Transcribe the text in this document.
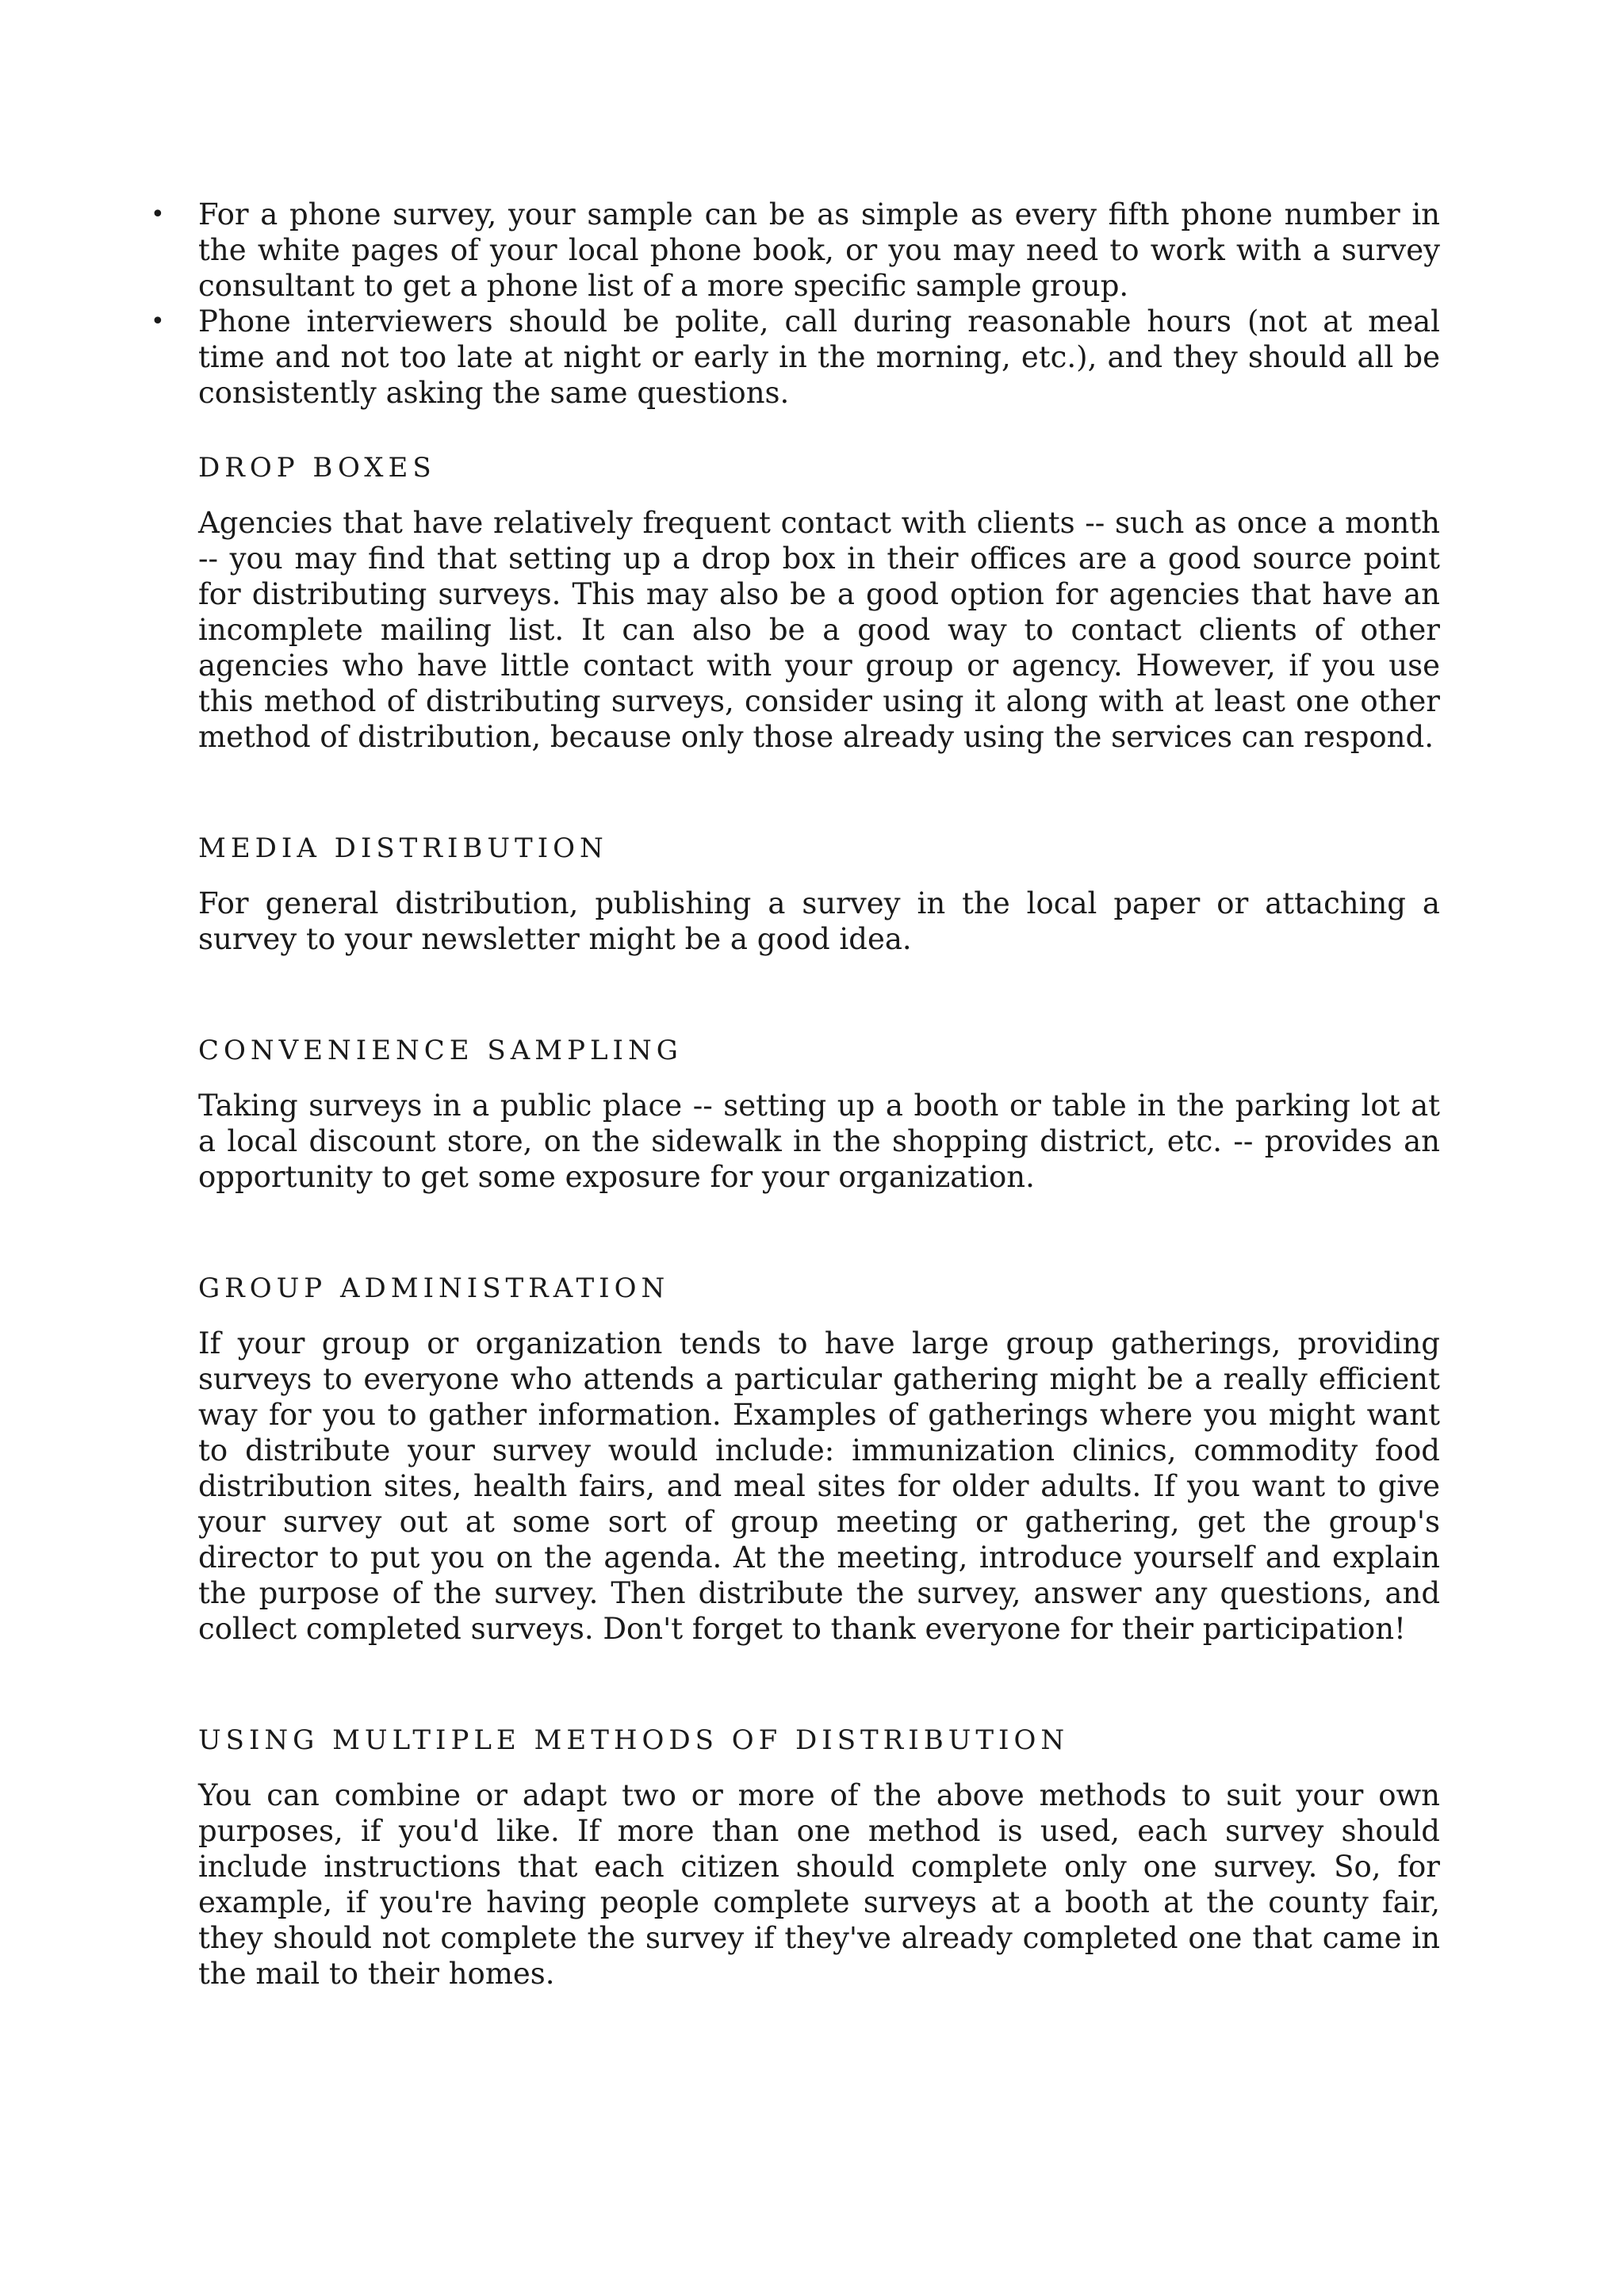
• For a phone survey, your sample can be as simple as every fifth phone number in the white pages of your local phone book, or you may need to work with a survey consultant to get a phone list of a more specific sample group.
• Phone interviewers should be polite, call during reasonable hours (not at meal time and not too late at night or early in the morning, etc.), and they should all be consistently asking the same questions.
DROP BOXES

Agencies that have relatively frequent contact with clients -- such as once a month -- you may find that setting up a drop box in their offices are a good source point for distributing surveys. This may also be a good option for agencies that have an incomplete mailing list. It can also be a good way to contact clients of other agencies who have little contact with your group or agency. However, if you use this method of distributing surveys, consider using it along with at least one other method of distribution, because only those already using the services can respond.

MEDIA DISTRIBUTION

For general distribution, publishing a survey in the local paper or attaching a survey to your newsletter might be a good idea.

CONVENIENCE SAMPLING

Taking surveys in a public place -- setting up a booth or table in the parking lot at a local discount store, on the sidewalk in the shopping district, etc. -- provides an opportunity to get some exposure for your organization.

GROUP ADMINISTRATION

If your group or organization tends to have large group gatherings, providing surveys to everyone who attends a particular gathering might be a really efficient way for you to gather information. Examples of gatherings where you might want to distribute your survey would include: immunization clinics, commodity food distribution sites, health fairs, and meal sites for older adults. If you want to give your survey out at some sort of group meeting or gathering, get the group's director to put you on the agenda. At the meeting, introduce yourself and explain the purpose of the survey. Then distribute the survey, answer any questions, and collect completed surveys. Don't forget to thank everyone for their participation!

USING MULTIPLE METHODS OF DISTRIBUTION

You can combine or adapt two or more of the above methods to suit your own purposes, if you'd like. If more than one method is used, each survey should include instructions that each citizen should complete only one survey. So, for example, if you're having people complete surveys at a booth at the county fair, they should not complete the survey if they've already completed one that came in the mail to their homes.
